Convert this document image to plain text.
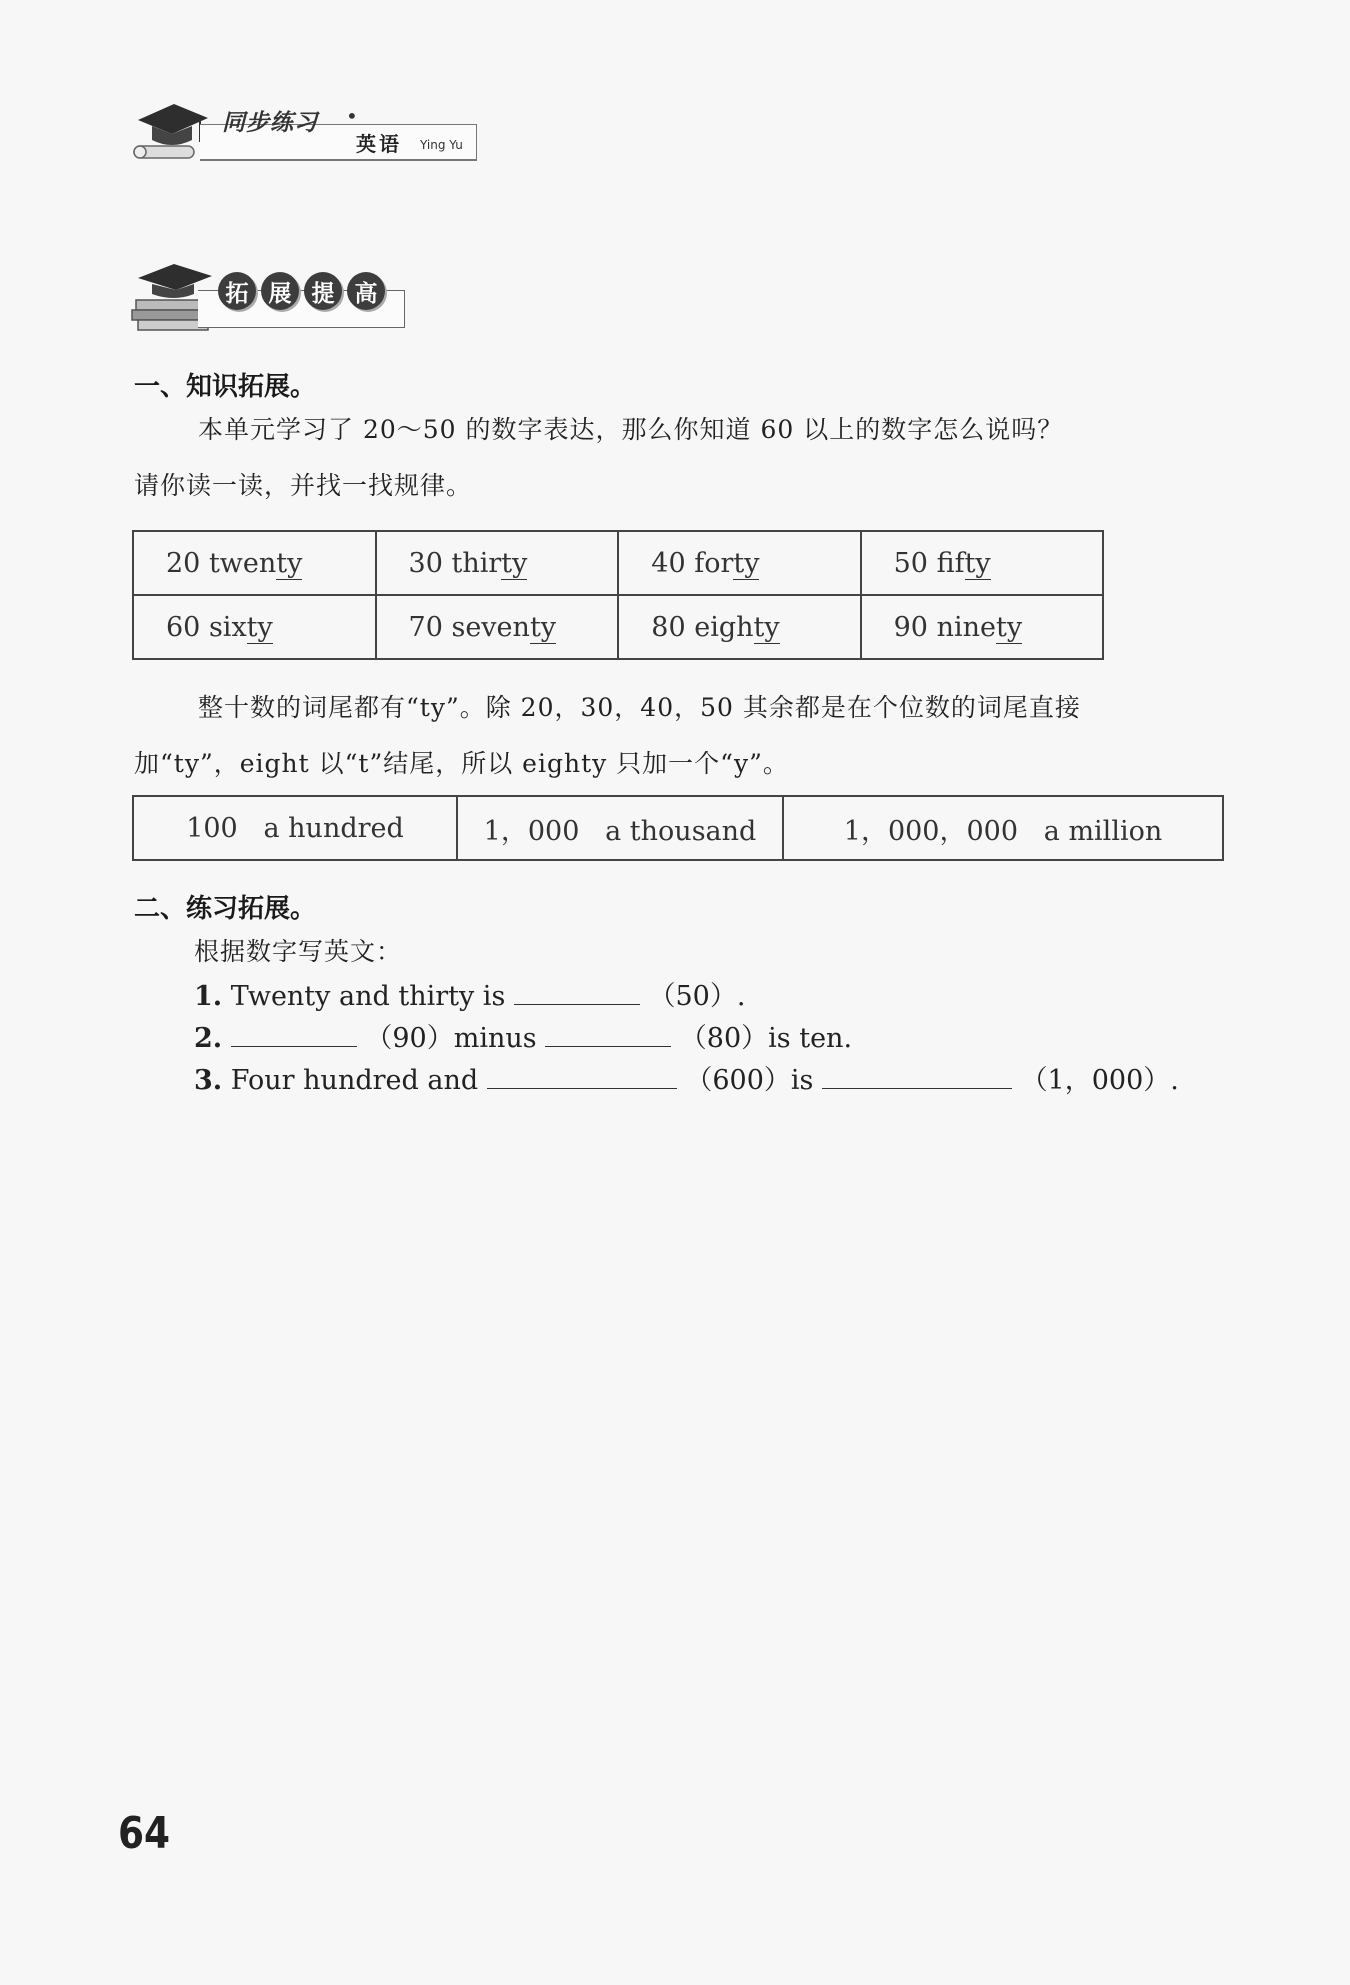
同步练习 •
英语 Ying Yu
拓 展 提 高
一、知识拓展。
本单元学习了 20～50 的数字表达，那么你知道 60 以上的数字怎么说吗？
请你读一读，并找一找规律。
20 twenty	30 thirty	40 forty	50 fifty
60 sixty	70 seventy	80 eighty	90 ninety
整十数的词尾都有“ty”。除 20，30，40，50 其余都是在个位数的词尾直接
加“ty”，eight 以“t”结尾，所以 eighty 只加一个“y”。
100 a hundred	1，000 a thousand	1，000，000 a million
二、练习拓展。
根据数字写英文：
1. Twenty and thirty is	（50）.
2.	（90）minus	（80）is ten.
3. Four hundred and	（600）is	（1，000）.
64
